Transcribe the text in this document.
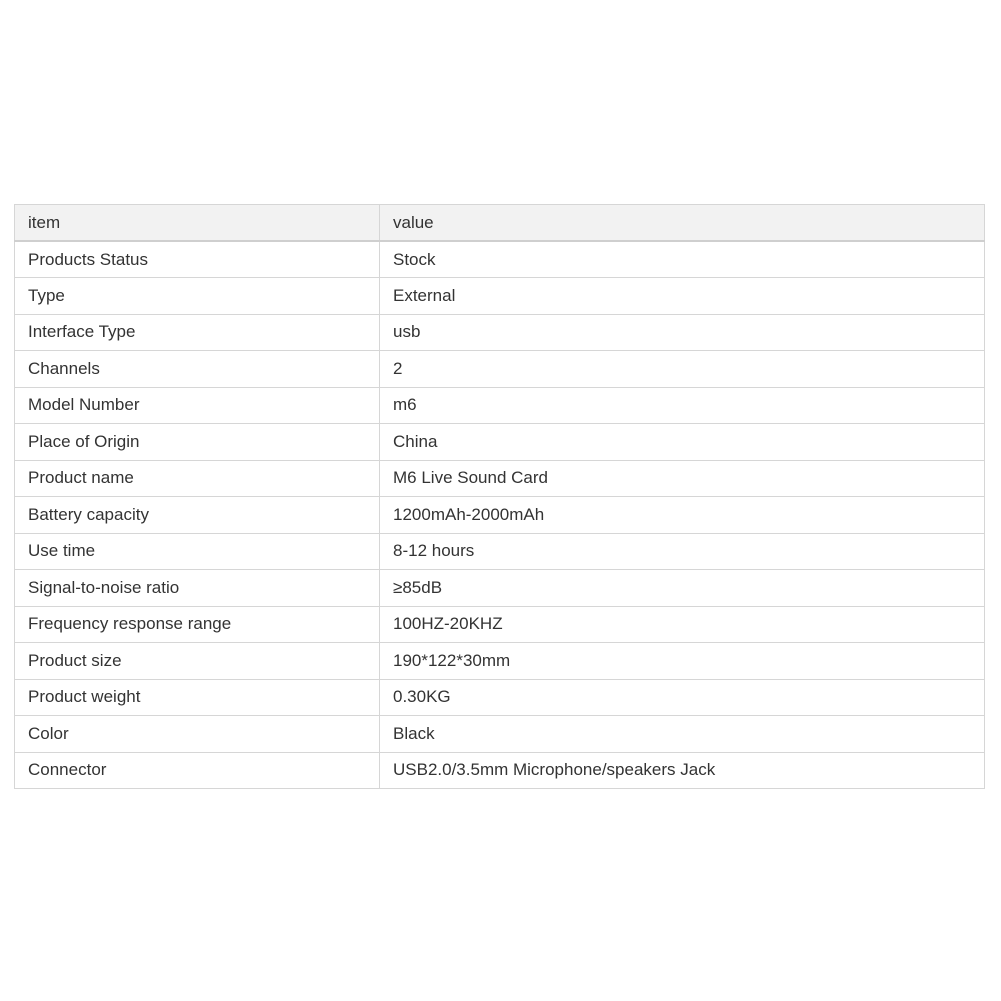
item	value
Products Status	Stock
Type	External
Interface Type	usb
Channels	2
Model Number	m6
Place of Origin	China
Product name	M6 Live Sound Card
Battery capacity	1200mAh-2000mAh
Use time	8-12 hours
Signal-to-noise ratio	≥85dB
Frequency response range	100HZ-20KHZ
Product size	190*122*30mm
Product weight	0.30KG
Color	Black
Connector	USB2.0/3.5mm Microphone/speakers Jack
